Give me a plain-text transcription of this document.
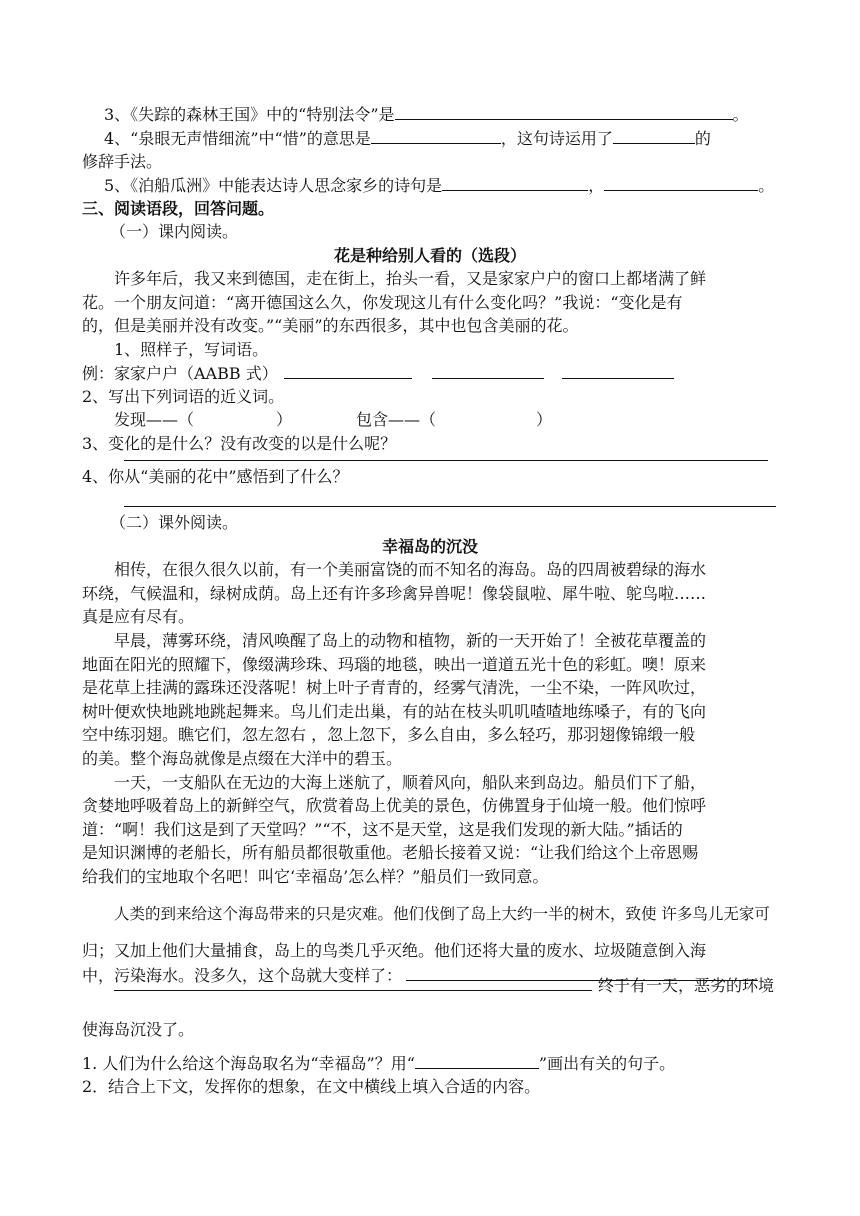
3、《失踪的森林王国》中的“特别法令”是	。
4、“泉眼无声惜细流”中“惜”的意思是	，这句诗运用了	的
修辞手法。
5、《泊船瓜洲》中能表达诗人思念家乡的诗句是	，	。
三、阅读语段，回答问题。
（一）课内阅读。
花是种给别人看的（选段）
许多年后，我又来到德国，走在街上，抬头一看，又是家家户户的窗口上都堵满了鲜
花。一个朋友问道：“离开德国这么久，你发现这儿有什么变化吗？”我说：“变化是有
的，但是美丽并没有改变。”“美丽”的东西很多，其中也包含美丽的花。
1、照样子，写词语。
例：家家户户（AABB 式）
2、写出下列词语的近义词。
发现——（	）	包含——（	）
3、变化的是什么？没有改变的以是什么呢？
4、你从“美丽的花中”感悟到了什么？
（二）课外阅读。
幸福岛的沉没
相传，在很久很久以前，有一个美丽富饶的而不知名的海岛。岛的四周被碧绿的海水
环绕，气候温和，绿树成荫。岛上还有许多珍禽异兽呢！像袋鼠啦、犀牛啦、鸵鸟啦……
真是应有尽有。
早晨，薄雾环绕，清风唤醒了岛上的动物和植物，新的一天开始了！全被花草覆盖的
地面在阳光的照耀下，像缀满珍珠、玛瑙的地毯，映出一道道五光十色的彩虹。噢！原来
是花草上挂满的露珠还没落呢！树上叶子青青的，经雾气清洗，一尘不染，一阵风吹过，
树叶便欢快地跳地跳起舞来。鸟儿们走出巢，有的站在枝头叽叽喳喳地练嗓子，有的飞向
空中练羽翅。瞧它们，忽左忽右 ，忽上忽下，多么自由，多么轻巧，那羽翅像锦缎一般
的美。整个海岛就像是点缀在大洋中的碧玉。
一天，一支船队在无边的大海上迷航了，顺着风向，船队来到岛边。船员们下了船，
贪婪地呼吸着岛上的新鲜空气，欣赏着岛上优美的景色，仿佛置身于仙境一般。他们惊呼
道：“啊！我们这是到了天堂吗？”“不，这不是天堂，这是我们发现的新大陆。”插话的
是知识渊博的老船长，所有船员都很敬重他。老船长接着又说：“让我们给这个上帝恩赐
给我们的宝地取个名吧！叫它‘幸福岛’怎么样？”船员们一致同意。
人类的到来给这个海岛带来的只是灾难。他们伐倒了岛上大约一半的树木，致使 许多鸟儿无家可
归；又加上他们大量捕食，岛上的鸟类几乎灭绝。他们还将大量的废水、垃圾随意倒入海
中，污染海水。没多久，这个岛就大变样了：
终于有一天，恶劣的环境
使海岛沉没了。
1. 人们为什么给这个海岛取名为“幸福岛”？用“	”画出有关的句子。
2．结合上下文，发挥你的想象，在文中横线上填入合适的内容。
